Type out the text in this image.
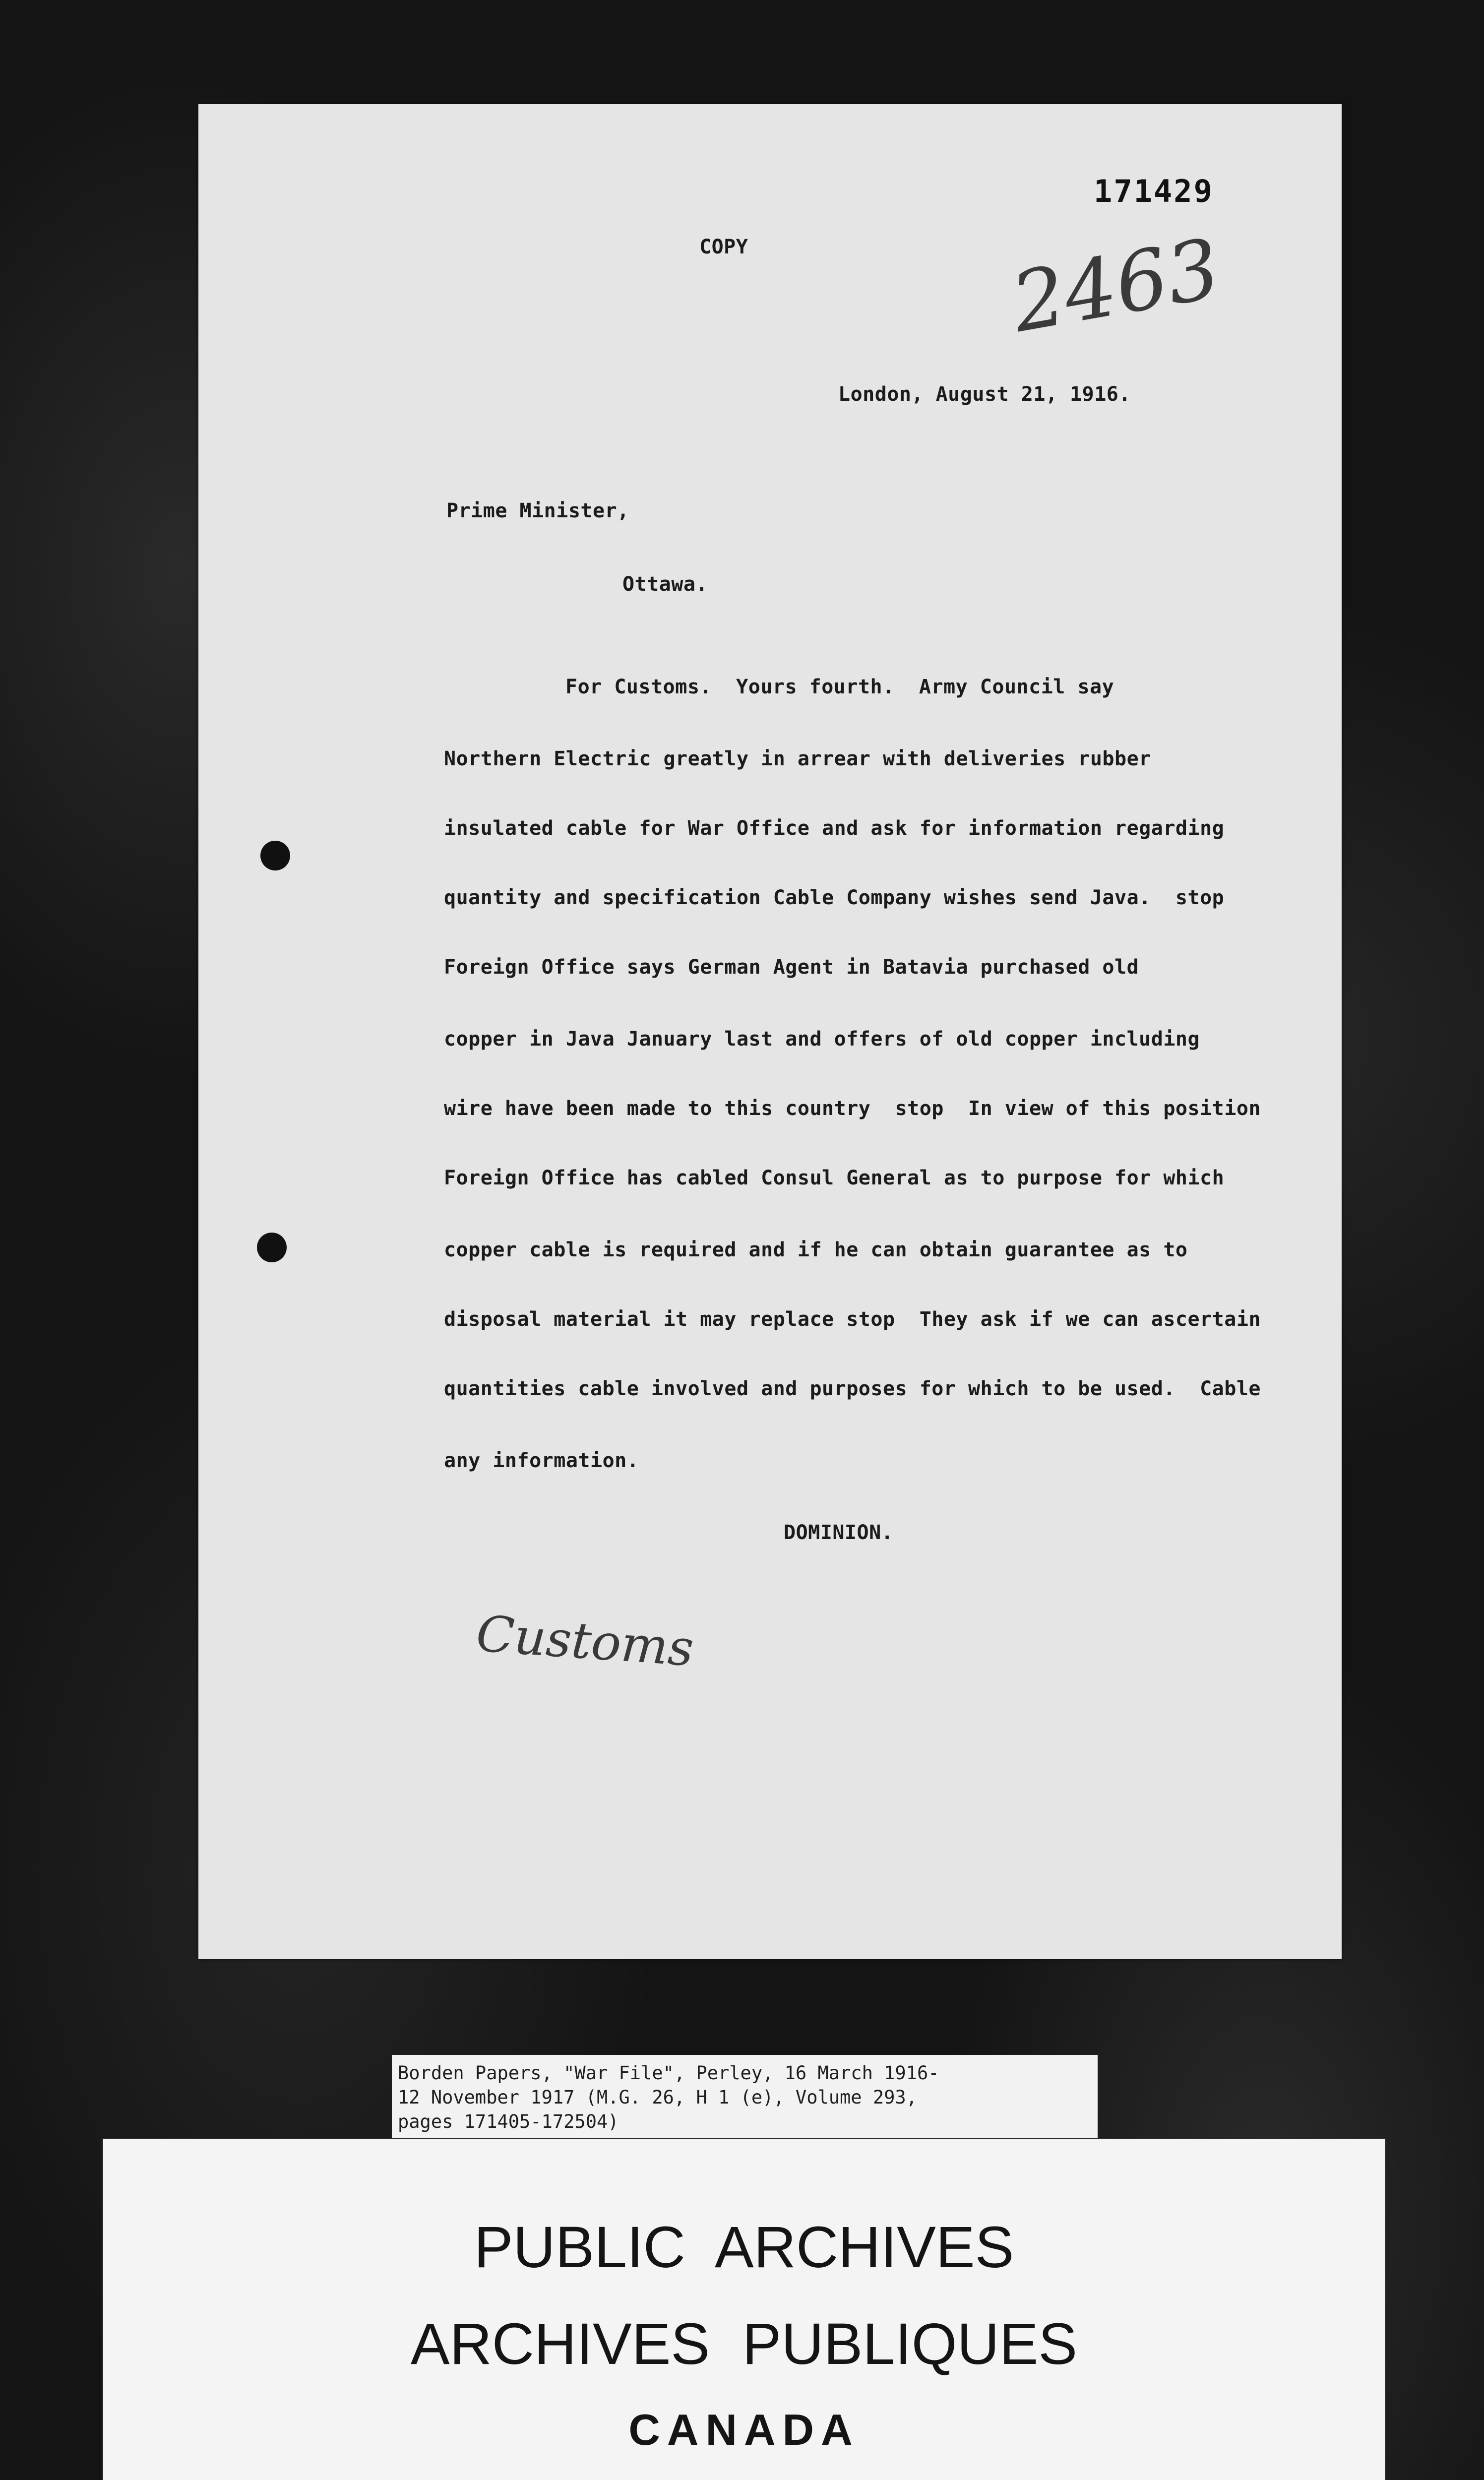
171429
2463
COPY
London, August 21, 1916.
Prime Minister,
Ottawa.
For Customs.  Yours fourth.  Army Council say
Northern Electric greatly in arrear with deliveries rubber
insulated cable for War Office and ask for information regarding
quantity and specification Cable Company wishes send Java.  stop
Foreign Office says German Agent in Batavia purchased old
copper in Java January last and offers of old copper including
wire have been made to this country  stop  In view of this position
Foreign Office has cabled Consul General as to purpose for which
copper cable is required and if he can obtain guarantee as to
disposal material it may replace stop  They ask if we can ascertain
quantities cable involved and purposes for which to be used.  Cable
any information.
DOMINION.
Customs
Borden Papers, "War File", Perley, 16 March 1916-
12 November 1917 (M.G. 26, H 1 (e), Volume 293,
pages 171405-172504)
PUBLIC  ARCHIVES
ARCHIVES  PUBLIQUES
CANADA
